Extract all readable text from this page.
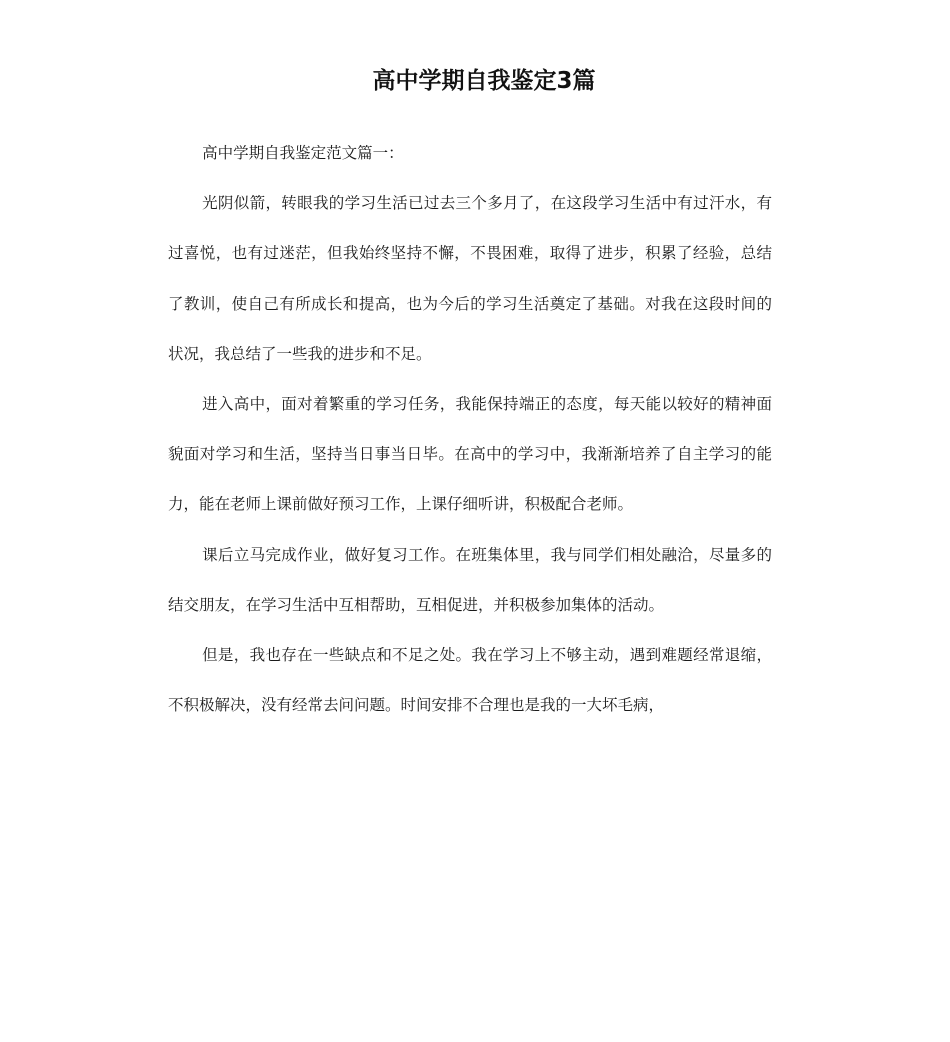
高中学期自我鉴定3篇

高中学期自我鉴定范文篇一：

光阴似箭，转眼我的学习生活已过去三个多月了，在这段学习生活中有过汗水，有过喜悦，也有过迷茫，但我始终坚持不懈，不畏困难，取得了进步，积累了经验，总结了教训，使自己有所成长和提高，也为今后的学习生活奠定了基础。对我在这段时间的状况，我总结了一些我的进步和不足。

进入高中，面对着繁重的学习任务，我能保持端正的态度，每天能以较好的精神面貌面对学习和生活，坚持当日事当日毕。在高中的学习中，我渐渐培养了自主学习的能力，能在老师上课前做好预习工作，上课仔细听讲，积极配合老师。

课后立马完成作业，做好复习工作。在班集体里，我与同学们相处融洽，尽量多的结交朋友，在学习生活中互相帮助，互相促进，并积极参加集体的活动。

但是，我也存在一些缺点和不足之处。我在学习上不够主动，遇到难题经常退缩，不积极解决，没有经常去问问题。时间安排不合理也是我的一大坏毛病，
